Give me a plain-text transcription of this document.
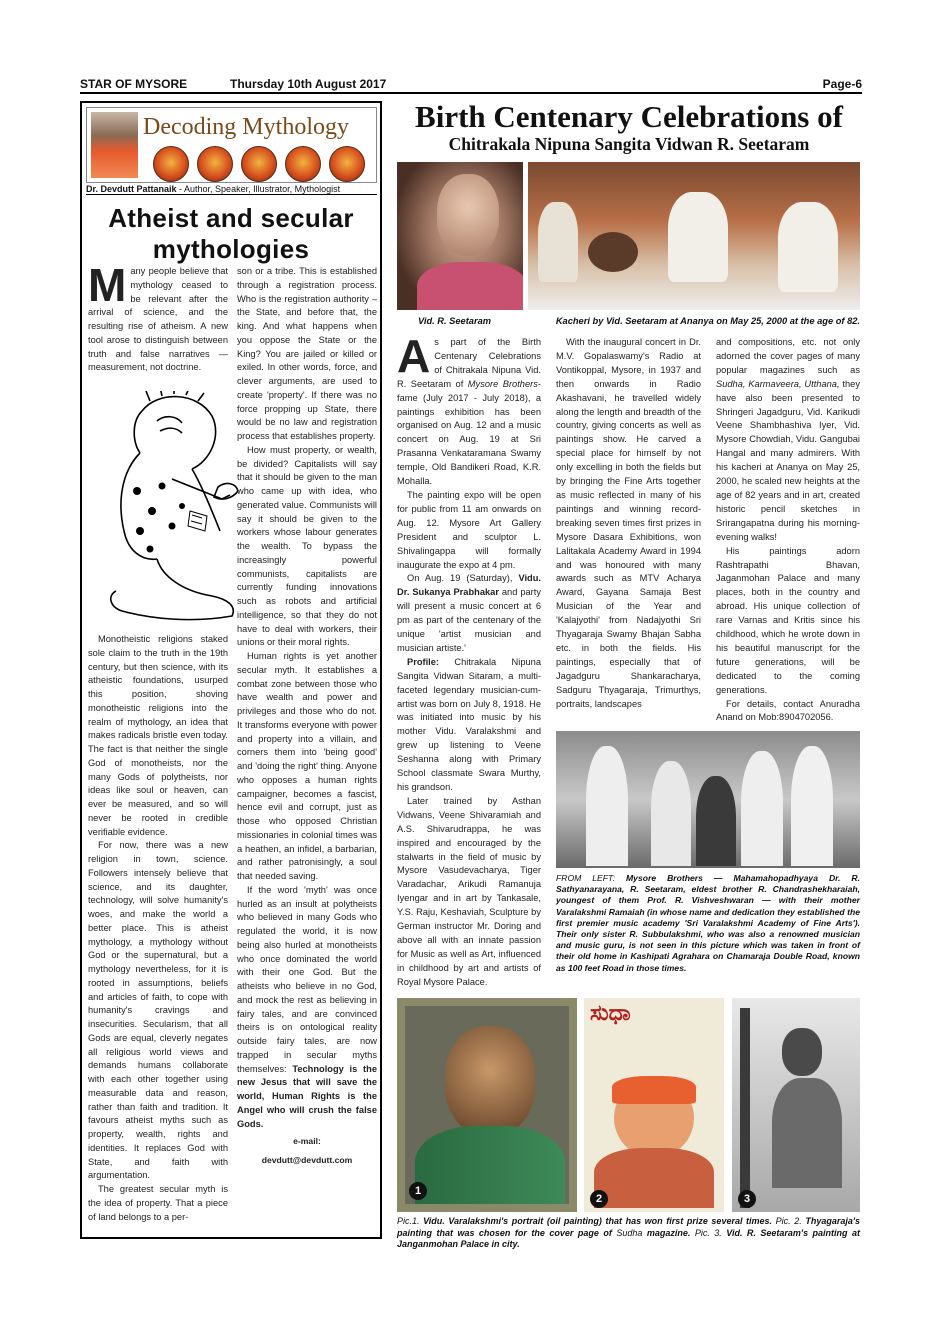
STAR OF MYSORE	Thursday 10th August 2017	Page-6
Decoding Mythology
Dr. Devdutt Pattanaik - Author, Speaker, Illustrator, Mythologist
Atheist and secular mythologies
M any people believe that mythology ceased to be relevant after the arrival of science, and the resulting rise of atheism. A new tool arose to distinguish between truth and false narratives — measurement, not doctrine.

Monotheistic religions staked sole claim to the truth in the 19th century, but then science, with its atheistic foundations, usurped this position, shoving monotheistic religions into the realm of mythology, an idea that makes radicals bristle even today. The fact is that neither the single God of monotheists, nor the many Gods of polytheists, nor ideas like soul or heaven, can ever be measured, and so will never be rooted in credible verifiable evidence.

For now, there was a new religion in town, science. Followers intensely believe that science, and its daughter, technology, will solve humanity's woes, and make the world a better place. This is atheist mythology, a mythology without God or the supernatural, but a mythology nevertheless, for it is rooted in assumptions, beliefs and articles of faith, to cope with humanity's cravings and insecurities. Secularism, that all Gods are equal, cleverly negates all religious world views and demands humans collaborate with each other together using measurable data and reason, rather than faith and tradition. It favours atheist myths such as property, wealth, rights and identities. It replaces God with State, and faith with argumentation.

The greatest secular myth is the idea of property. That a piece of land belongs to a per-

son or a tribe. This is established through a registration process. Who is the registration authority – the State, and before that, the king. And what happens when you oppose the State or the King? You are jailed or killed or exiled. In other words, force, and clever arguments, are used to create 'property'. If there was no force propping up State, there would be no law and registration process that establishes property.

How must property, or wealth, be divided? Capitalists will say that it should be given to the man who came up with idea, who generated value. Communists will say it should be given to the workers whose labour generates the wealth. To bypass the increasingly powerful communists, capitalists are currently funding innovations such as robots and artificial intelligence, so that they do not have to deal with workers, their unions or their moral rights.

Human rights is yet another secular myth. It establishes a combat zone between those who have wealth and power and privileges and those who do not. It transforms everyone with power and property into a villain, and corners them into 'being good' and 'doing the right' thing. Anyone who opposes a human rights campaigner, becomes a fascist, hence evil and corrupt, just as those who opposed Christian missionaries in colonial times was a heathen, an infidel, a barbarian, and rather patronisingly, a soul that needed saving.

If the word 'myth' was once hurled as an insult at polytheists who believed in many Gods who regulated the world, it is now being also hurled at monotheists who once dominated the world with their one God. But the atheists who believe in no God, and mock the rest as believing in fairy tales, and are convinced theirs is on ontological reality outside fairy tales, are now trapped in secular myths themselves: Technology is the new Jesus that will save the world, Human Rights is the Angel who will crush the false Gods.

e-mail:
devdutt@devdutt.com
Birth Centenary Celebrations of
Chitrakala Nipuna Sangita Vidwan R. Seetaram
Vid. R. Seetaram	Kacheri by Vid. Seetaram at Ananya on May 25, 2000 at the age of 82.

As part of the Birth Centenary Celebrations of Chitrakala Nipuna Vid. R. Seetaram of Mysore Brothers-fame (July 2017 - July 2018), a paintings exhibition has been organised on Aug. 12 and a music concert on Aug. 19 at Sri Prasanna Venkataramana Swamy temple, Old Bandikeri Road, K.R. Mohalla.

The painting expo will be open for public from 11 am onwards on Aug. 12. Mysore Art Gallery President and sculptor L. Shivalingappa will formally inaugurate the expo at 4 pm.

On Aug. 19 (Saturday), Vidu. Dr. Sukanya Prabhakar and party will present a music concert at 6 pm as part of the centenary of the unique 'artist musician and musician artiste.'

Profile: Chitrakala Nipuna Sangita Vidwan Sitaram, a multi-faceted legendary musician-cum-artist was born on July 8, 1918. He was initiated into music by his mother Vidu. Varalakshmi and grew up listening to Veene Seshanna along with Primary School classmate Swara Murthy, his grandson.

Later trained by Asthan Vidwans, Veene Shivaramiah and A.S. Shivarudrappa, he was inspired and encouraged by the stalwarts in the field of music by Mysore Vasudevacharya, Tiger Varadachar, Arikudi Ramanuja Iyengar and in art by Tankasale, Y.S. Raju, Keshaviah, Sculpture by German instructor Mr. Doring and above all with an innate passion for Music as well as Art, influenced in childhood by art and artists of Royal Mysore Palace.

With the inaugural concert in Dr. M.V. Gopalaswamy's Radio at Vontikoppal, Mysore, in 1937 and then onwards in Radio Akashavani, he travelled widely along the length and breadth of the country, giving concerts as well as paintings show. He carved a special place for himself by not only excelling in both the fields but by bringing the Fine Arts together as music reflected in many of his paintings and winning record-breaking seven times first prizes in Mysore Dasara Exhibitions, won Lalitakala Academy Award in 1994 and was honoured with many awards such as MTV Acharya Award, Gayana Samaja Best Musician of the Year and 'Kalajyothi' from Nadajyothi Sri Thyagaraja Swamy Bhajan Sabha etc. in both the fields. His paintings, especially that of Jagadguru Shankaracharya, Sadguru Thyagaraja, Trimurthys, portraits, landscapes

and compositions, etc. not only adorned the cover pages of many popular magazines such as Sudha, Karmaveera, Utthana, they have also been presented to Shringeri Jagadguru, Vid. Karikudi Veene Shambhashiva Iyer, Vid. Mysore Chowdiah, Vidu. Gangubai Hangal and many admirers. With his kacheri at Ananya on May 25, 2000, he scaled new heights at the age of 82 years and in art, created historic pencil sketches in Srirangapatna during his morning-evening walks!

His paintings adorn Rashtrapathi Bhavan, Jaganmohan Palace and many places, both in the country and abroad. His unique collection of rare Varnas and Kritis since his childhood, which he wrote down in his beautiful manuscript for the future generations, will be dedicated to the coming generations.

For details, contact Anuradha Anand on Mob:8904702056.

FROM LEFT: Mysore Brothers — Mahamahopadhyaya Dr. R. Sathyanarayana, R. Seetaram, eldest brother R. Chandrashekharaiah, youngest of them Prof. R. Vishveshwaran — with their mother Varalakshmi Ramaiah (in whose name and dedication they established the first premier music academy 'Sri Varalakshmi Academy of Fine Arts'). Their only sister R. Subbulakshmi, who was also a renowned musician and music guru, is not seen in this picture which was taken in front of their old home in Kashipati Agrahara on Chamaraja Double Road, known as 100 feet Road in those times.
1
ಸುಧಾ
2	3
Pic.1. Vidu. Varalakshmi's portrait (oil painting) that has won first prize several times. Pic. 2. Thyagaraja's painting that was chosen for the cover page of Sudha magazine. Pic. 3. Vid. R. Seetaram's painting at Janganmohan Palace in city.
